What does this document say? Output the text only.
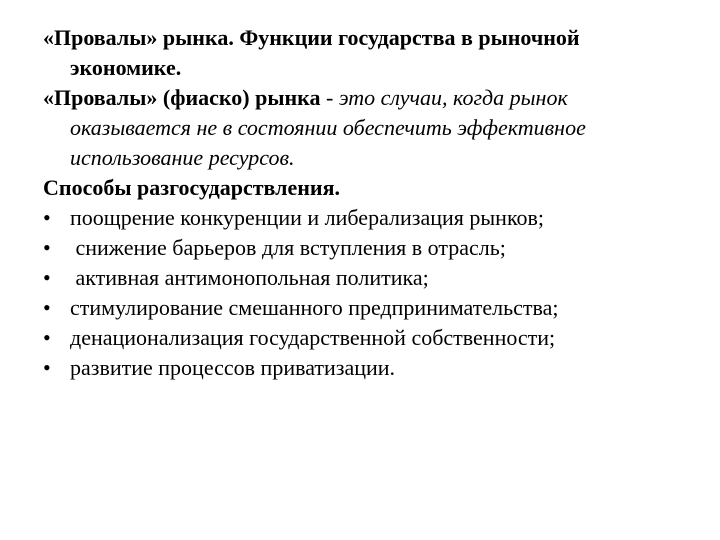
«Провалы» рынка. Функции государства в рыночной экономике.

«Провалы» (фиаско) рынка - это случаи, когда рынок оказывается не в состоянии обеспечить эффективное использование ресурсов.

Способы разгосударствления.

• поощрение конкуренции и либерализация рынков;
• снижение барьеров для вступления в отрасль;
• активная антимонопольная политика;
• стимулирование смешанного предпринимательства;
• денационализация государственной собственности;
• развитие процессов приватизации.
